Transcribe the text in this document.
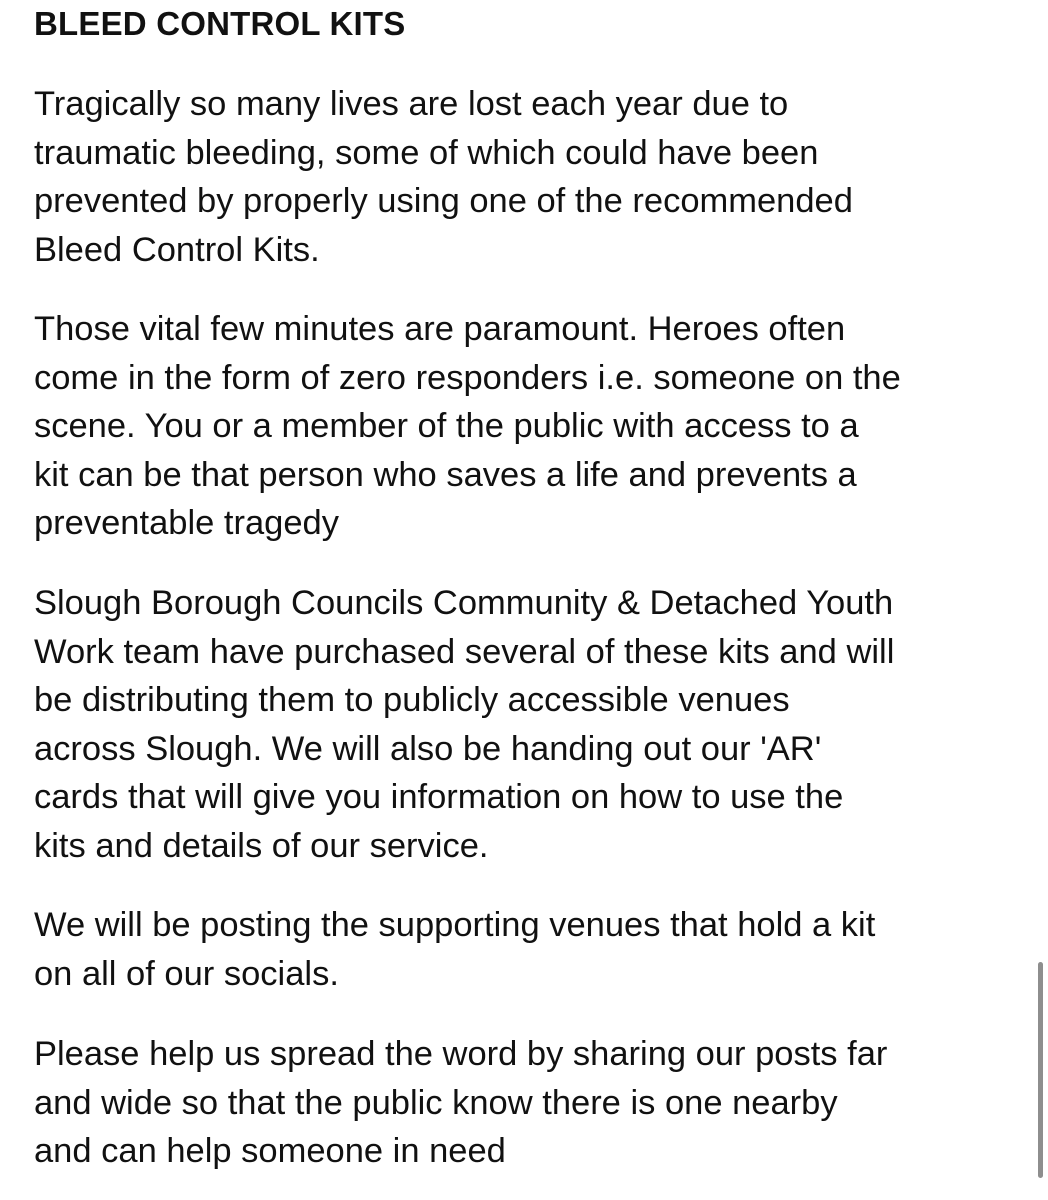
BLEED CONTROL KITS

Tragically so many lives are lost each year due to
traumatic bleeding, some of which could have been
prevented by properly using one of the recommended
Bleed Control Kits.

Those vital few minutes are paramount. Heroes often
come in the form of zero responders i.e. someone on the
scene. You or a member of the public with access to a
kit can be that person who saves a life and prevents a
preventable tragedy

Slough Borough Councils Community & Detached Youth
Work team have purchased several of these kits and will
be distributing them to publicly accessible venues
across Slough. We will also be handing out our 'AR'
cards that will give you information on how to use the
kits and details of our service.

We will be posting the supporting venues that hold a kit
on all of our socials.

Please help us spread the word by sharing our posts far
and wide so that the public know there is one nearby
and can help someone in need
